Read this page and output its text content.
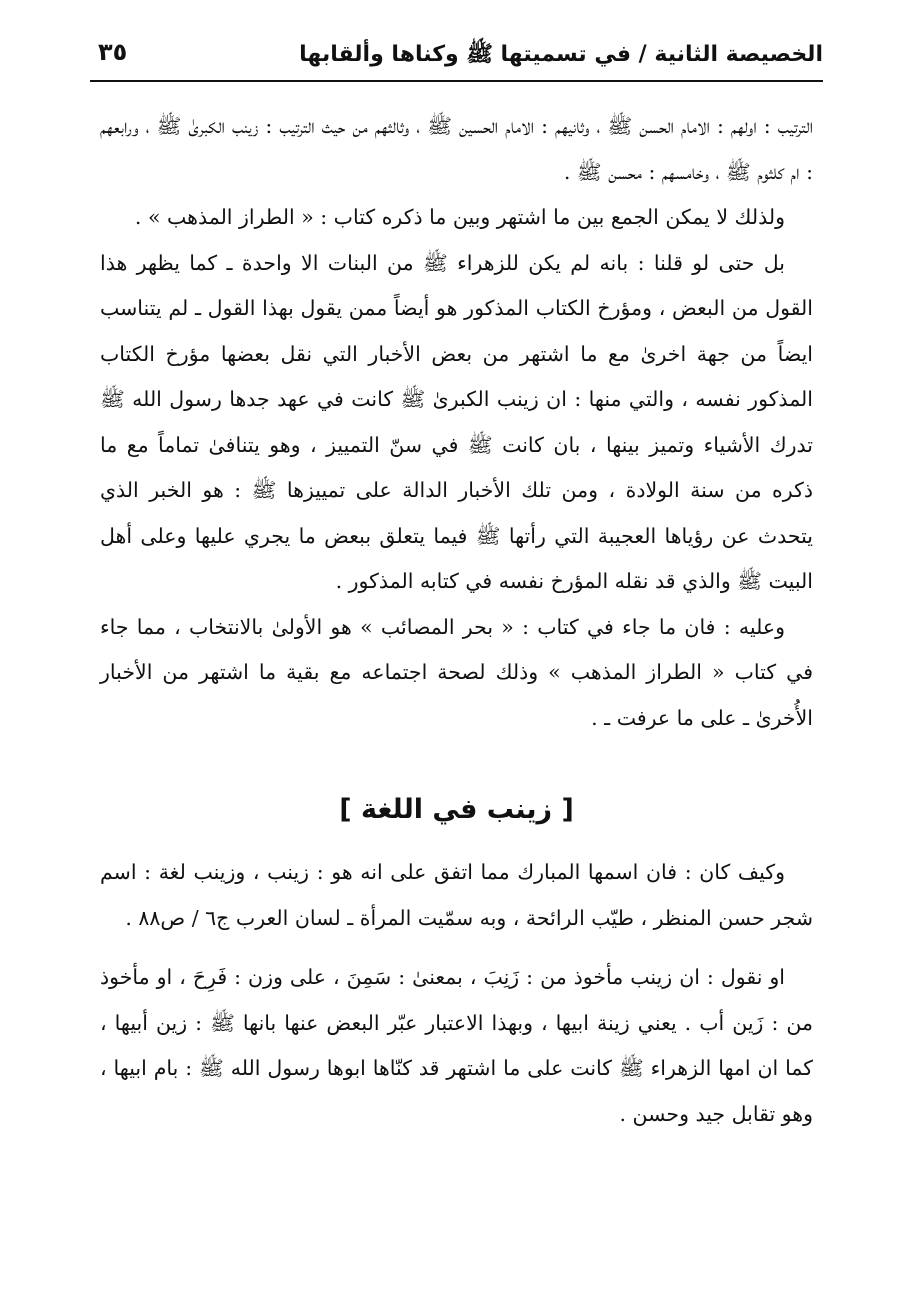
الخصيصة الثانية / في تسميتها ﷺ وكناها وألقابها
٣٥

الترتيب : اولهم : الامام الحسن ﷺ ، وثانيهم : الامام الحسين ﷺ ، وثالثهم من حيث الترتيب : زينب الكبرىٰ ﷺ ، ورابعهم : ام كلثوم ﷺ ، وخامسهم : محسن ﷺ .

ولذلك لا يمكن الجمع بين ما اشتهر وبين ما ذكره كتاب : « الطراز المذهب » .

بل حتى لو قلنا : بانه لم يكن للزهراء ﷺ من البنات الا واحدة ـ كما يظهر هذا القول من البعض ، ومؤرخ الكتاب المذكور هو أيضاً ممن يقول بهذا القول ـ لم يتناسب ايضاً من جهة اخرىٰ مع ما اشتهر من بعض الأخبار التي نقل بعضها مؤرخ الكتاب المذكور نفسه ، والتي منها : ان زينب الكبرىٰ ﷺ كانت في عهد جدها رسول الله ﷺ تدرك الأشياء وتميز بينها ، بان كانت ﷺ في سنّ التمييز ، وهو يتنافىٰ تماماً مع ما ذكره من سنة الولادة ، ومن تلك الأخبار الدالة على تمييزها ﷺ : هو الخبر الذي يتحدث عن رؤياها العجيبة التي رأتها ﷺ فيما يتعلق ببعض ما يجري عليها وعلى أهل البيت ﷺ والذي قد نقله المؤرخ نفسه في كتابه المذكور .

وعليه : فان ما جاء في كتاب : « بحر المصائب » هو الأولىٰ بالانتخاب ، مما جاء في كتاب « الطراز المذهب » وذلك لصحة اجتماعه مع بقية ما اشتهر من الأخبار الأُخرىٰ ـ على ما عرفت ـ .

[ زينب في اللغة ]

وكيف كان : فان اسمها المبارك مما اتفق على انه هو : زينب ، وزينب لغة : اسم شجر حسن المنظر ، طيّب الرائحة ، وبه سمّيت المرأة ـ لسان العرب ج٦ / ص٨٨ .

او نقول : ان زينب مأخوذ من : زَنِبَ ، بمعنىٰ : سَمِنَ ، على وزن : فَرِحَ ، او مأخوذ من : زَين أب . يعني زينة ابيها ، وبهذا الاعتبار عبّر البعض عنها بانها ﷺ : زين أبيها ، كما ان امها الزهراء ﷺ كانت على ما اشتهر قد كنّاها ابوها رسول الله ﷺ : بام ابيها ، وهو تقابل جيد وحسن .
